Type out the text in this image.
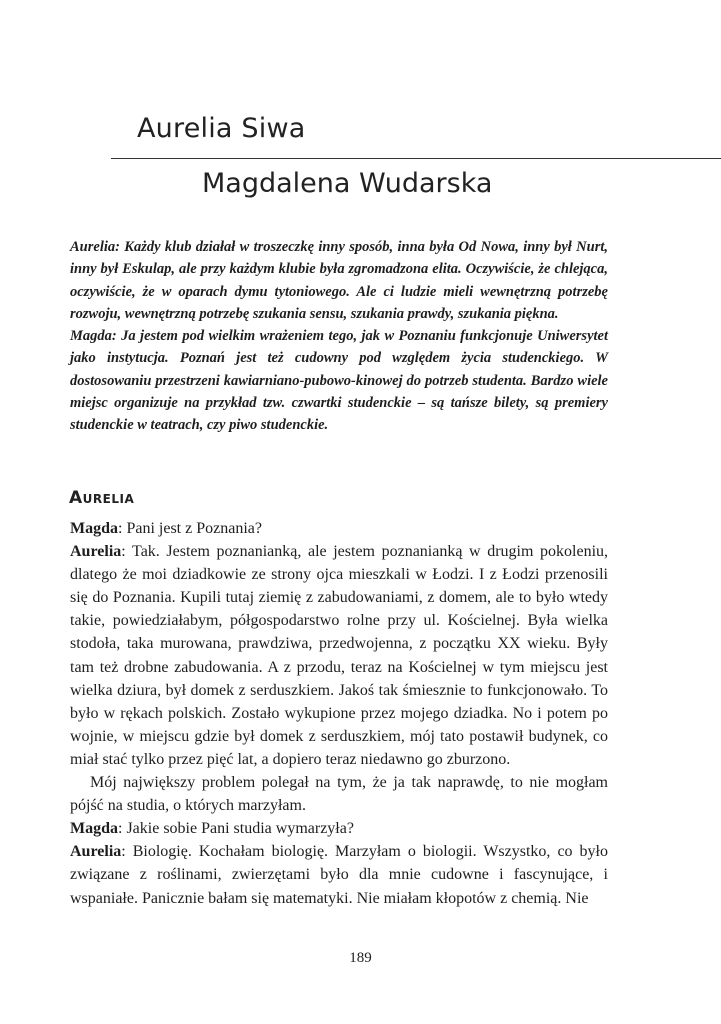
Aurelia Siwa
Magdalena Wudarska

Aurelia: Każdy klub działał w troszeczkę inny sposób, inna była Od Nowa, inny był Nurt, inny był Eskulap, ale przy każdym klubie była zgromadzona elita. Oczywiście, że chlejąca, oczywiście, że w oparach dymu tytoniowego. Ale ci ludzie mieli wewnętrzną potrzebę rozwoju, wewnętrzną potrzebę szukania sensu, szukania prawdy, szukania piękna.

Magda: Ja jestem pod wielkim wrażeniem tego, jak w Poznaniu funkcjonuje Uniwersytet jako instytucja. Poznań jest też cudowny pod względem życia studenckiego. W dostosowaniu przestrzeni kawiarniano-pubowo-kinowej do potrzeb studenta. Bardzo wiele miejsc organizuje na przykład tzw. czwartki studenckie – są tańsze bilety, są premiery studenckie w teatrach, czy piwo studenckie.

Aurelia

Magda: Pani jest z Poznania?

Aurelia: Tak. Jestem poznanianką, ale jestem poznanianką w drugim pokoleniu, dlatego że moi dziadkowie ze strony ojca mieszkali w Łodzi. I z Łodzi przenosili się do Poznania. Kupili tutaj ziemię z zabudowaniami, z domem, ale to było wtedy takie, powiedziałabym, półgospodarstwo rolne przy ul. Kościelnej. Była wielka stodoła, taka murowana, prawdziwa, przedwojenna, z początku XX wieku. Były tam też drobne zabudowania. A z przodu, teraz na Kościelnej w tym miejscu jest wielka dziura, był domek z serduszkiem. Jakoś tak śmiesznie to funkcjonowało. To było w rękach polskich. Zostało wykupione przez mojego dziadka. No i potem po wojnie, w miejscu gdzie był domek z serduszkiem, mój tato postawił budynek, co miał stać tylko przez pięć lat, a dopiero teraz niedawno go zburzono.

Mój największy problem polegał na tym, że ja tak naprawdę, to nie mogłam pójść na studia, o których marzyłam.

Magda: Jakie sobie Pani studia wymarzyła?

Aurelia: Biologię. Kochałam biologię. Marzyłam o biologii. Wszystko, co było związane z roślinami, zwierzętami było dla mnie cudowne i fascynujące, i wspaniałe. Panicznie bałam się matematyki. Nie miałam kłopotów z chemią. Nie

189
